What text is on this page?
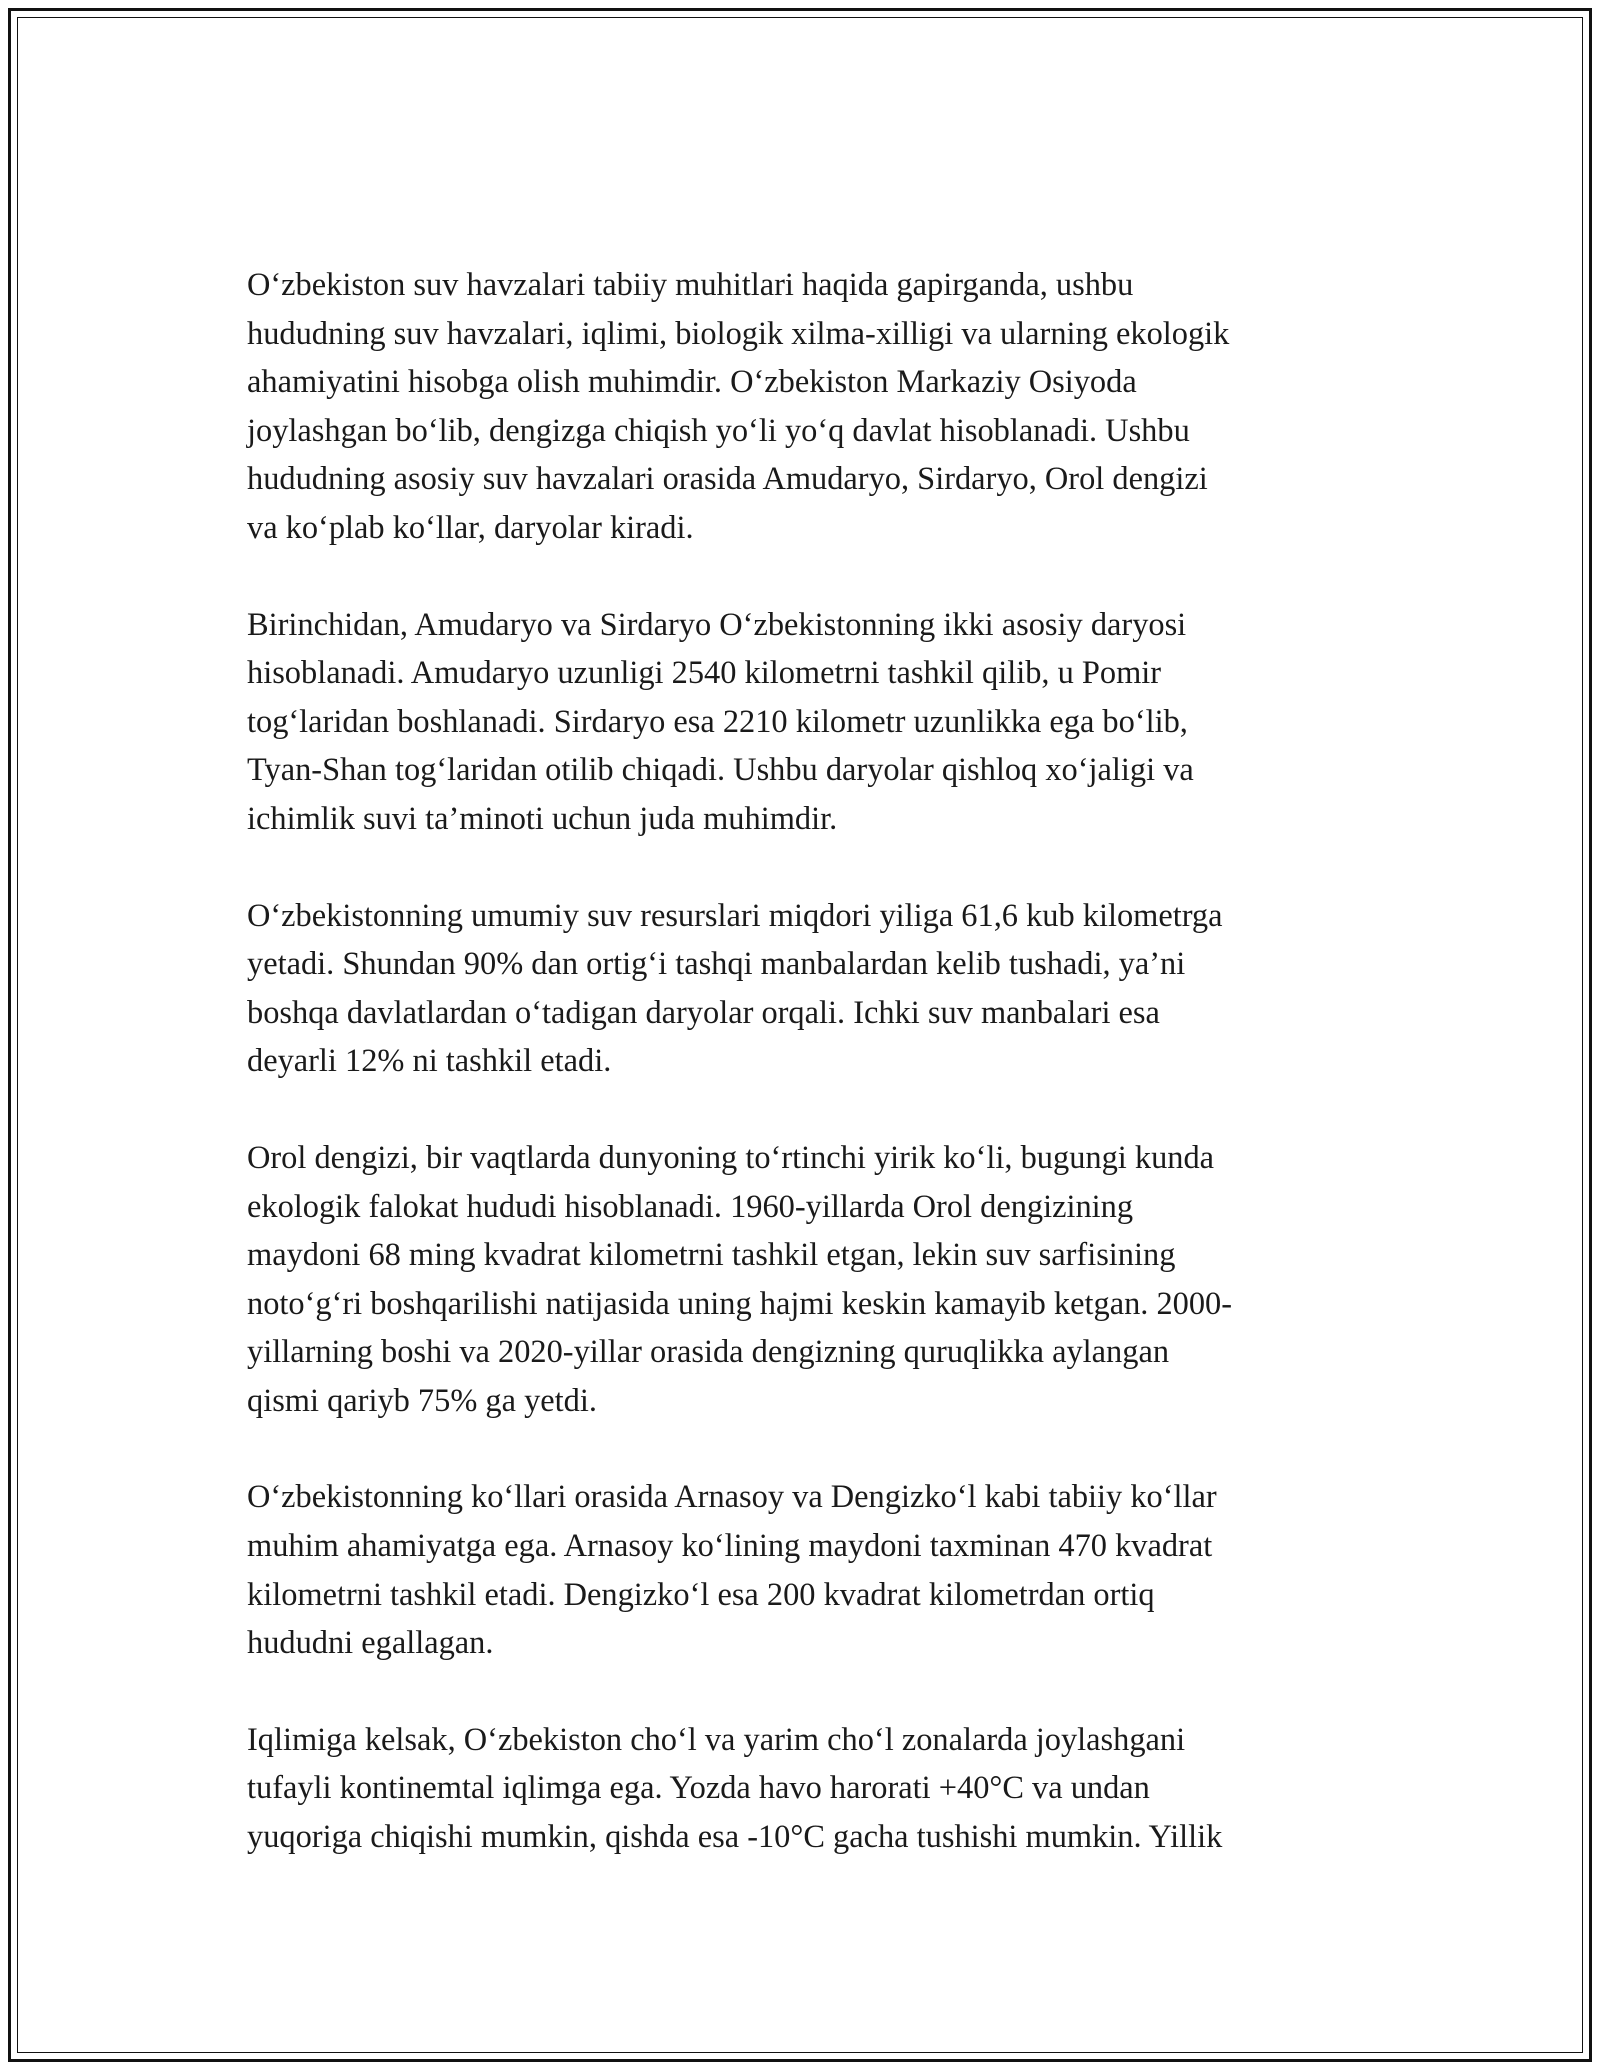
O‘zbekiston suv havzalari tabiiy muhitlari haqida gapirganda, ushbu
hududning suv havzalari, iqlimi, biologik xilma-xilligi va ularning ekologik
ahamiyatini hisobga olish muhimdir. O‘zbekiston Markaziy Osiyoda
joylashgan bo‘lib, dengizga chiqish yo‘li yo‘q davlat hisoblanadi. Ushbu
hududning asosiy suv havzalari orasida Amudaryo, Sirdaryo, Orol dengizi
va ko‘plab ko‘llar, daryolar kiradi.

Birinchidan, Amudaryo va Sirdaryo O‘zbekistonning ikki asosiy daryosi
hisoblanadi. Amudaryo uzunligi 2540 kilometrni tashkil qilib, u Pomir
tog‘laridan boshlanadi. Sirdaryo esa 2210 kilometr uzunlikka ega bo‘lib,
Tyan-Shan tog‘laridan otilib chiqadi. Ushbu daryolar qishloq xo‘jaligi va
ichimlik suvi ta’minoti uchun juda muhimdir.

O‘zbekistonning umumiy suv resurslari miqdori yiliga 61,6 kub kilometrga
yetadi. Shundan 90% dan ortig‘i tashqi manbalardan kelib tushadi, ya’ni
boshqa davlatlardan o‘tadigan daryolar orqali. Ichki suv manbalari esa
deyarli 12% ni tashkil etadi.

Orol dengizi, bir vaqtlarda dunyoning to‘rtinchi yirik ko‘li, bugungi kunda
ekologik falokat hududi hisoblanadi. 1960-yillarda Orol dengizining
maydoni 68 ming kvadrat kilometrni tashkil etgan, lekin suv sarfisining
noto‘g‘ri boshqarilishi natijasida uning hajmi keskin kamayib ketgan. 2000-
yillarning boshi va 2020-yillar orasida dengizning quruqlikka aylangan
qismi qariyb 75% ga yetdi.

O‘zbekistonning ko‘llari orasida Arnasoy va Dengizko‘l kabi tabiiy ko‘llar
muhim ahamiyatga ega. Arnasoy ko‘lining maydoni taxminan 470 kvadrat
kilometrni tashkil etadi. Dengizko‘l esa 200 kvadrat kilometrdan ortiq
hududni egallagan.

Iqlimiga kelsak, O‘zbekiston cho‘l va yarim cho‘l zonalarda joylashgani
tufayli kontinemtal iqlimga ega. Yozda havo harorati +40°C va undan
yuqoriga chiqishi mumkin, qishda esa -10°C gacha tushishi mumkin. Yillik
